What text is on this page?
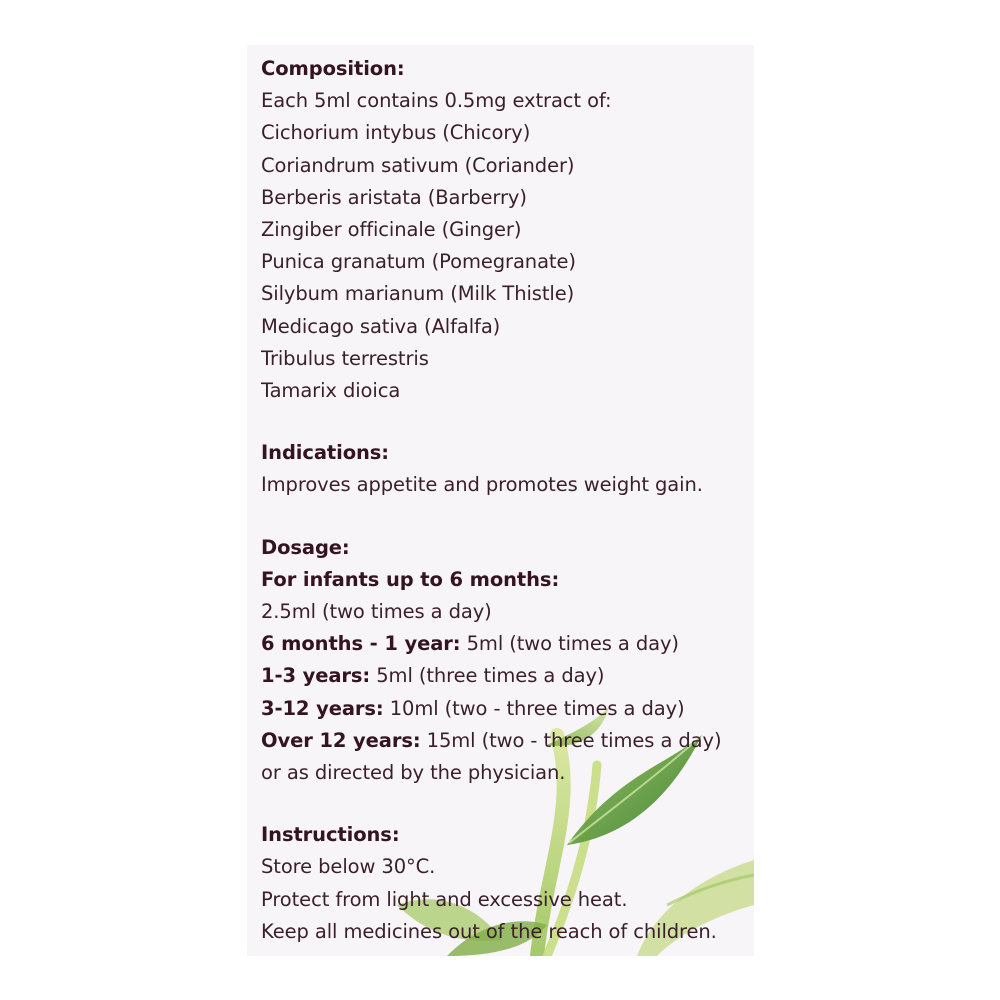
Composition:
Each 5ml contains 0.5mg extract of:
Cichorium intybus (Chicory)
Coriandrum sativum (Coriander)
Berberis aristata (Barberry)
Zingiber officinale (Ginger)
Punica granatum (Pomegranate)
Silybum marianum (Milk Thistle)
Medicago sativa (Alfalfa)
Tribulus terrestris
Tamarix dioica
Indications:
Improves appetite and promotes weight gain.
Dosage:
For infants up to 6 months:
2.5ml (two times a day)
6 months - 1 year: 5ml (two times a day)
1-3 years: 5ml (three times a day)
3-12 years: 10ml (two - three times a day)
Over 12 years: 15ml (two - three times a day)
or as directed by the physician.
Instructions:
Store below 30°C.
Protect from light and excessive heat.
Keep all medicines out of the reach of children.
